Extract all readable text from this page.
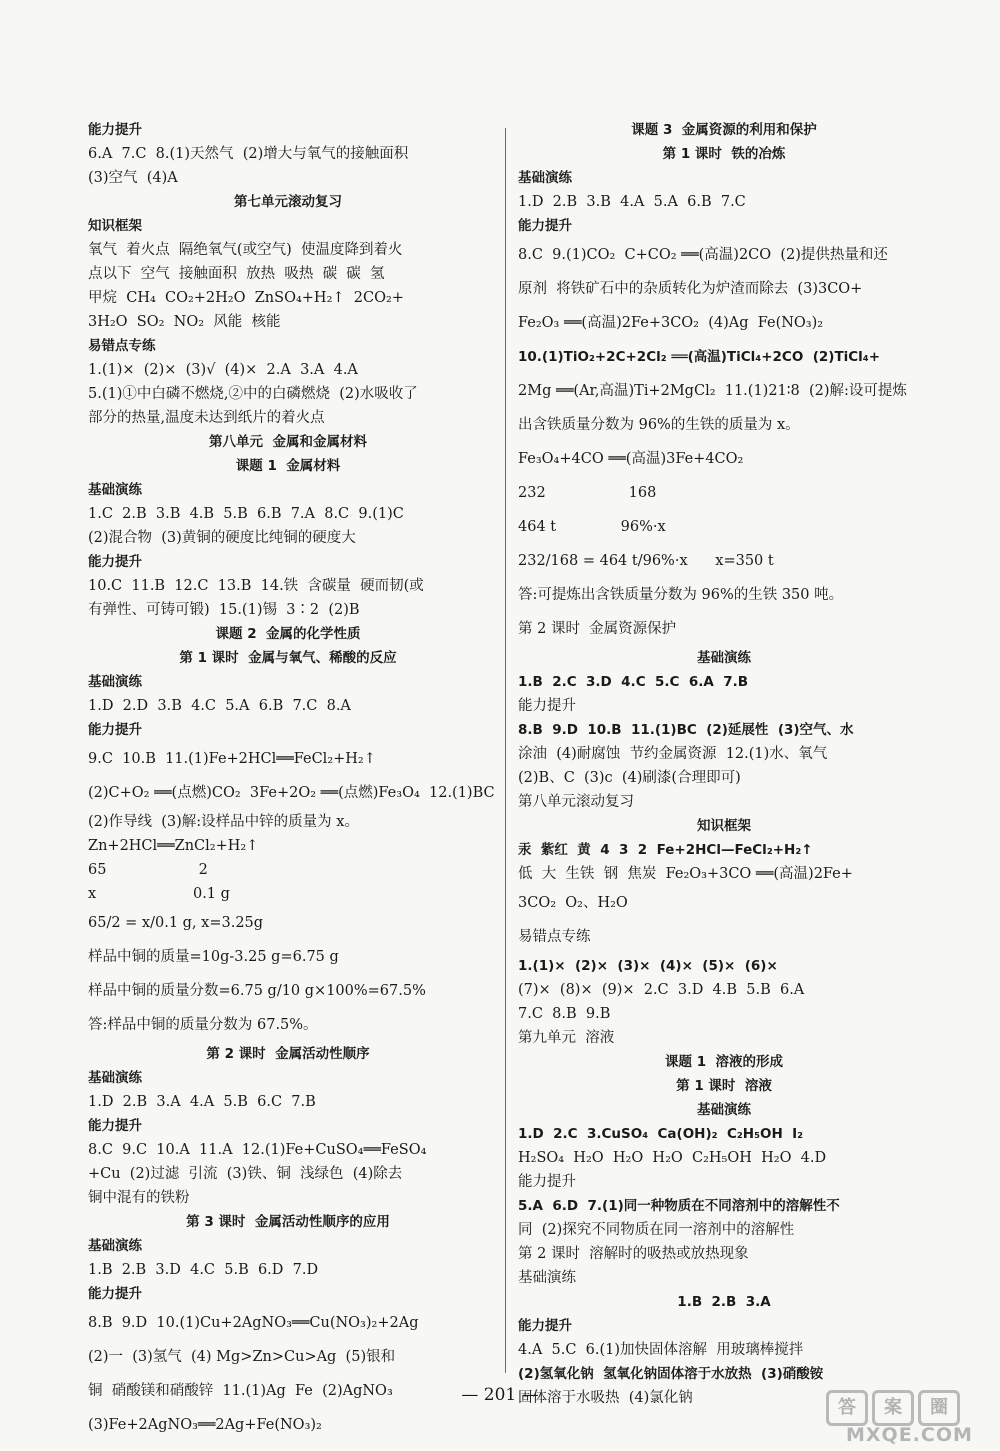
能力提升
6.A  7.C  8.(1)天然气  (2)增大与氧气的接触面积
(3)空气  (4)A
第七单元滚动复习
知识框架
氧气  着火点  隔绝氧气(或空气)  使温度降到着火
点以下  空气  接触面积  放热  吸热  碳  碳  氢
甲烷  CH₄  CO₂+2H₂O  ZnSO₄+H₂↑  2CO₂+
3H₂O  SO₂  NO₂  风能  核能
易错点专练
1.(1)×  (2)×  (3)√  (4)×  2.A  3.A  4.A
5.(1)①中白磷不燃烧,②中的白磷燃烧  (2)水吸收了
部分的热量,温度未达到纸片的着火点
第八单元  金属和金属材料
课题 1  金属材料
基础演练
1.C  2.B  3.B  4.B  5.B  6.B  7.A  8.C  9.(1)C
(2)混合物  (3)黄铜的硬度比纯铜的硬度大
能力提升
10.C  11.B  12.C  13.B  14.铁  含碳量  硬而韧(或
有弹性、可铸可锻)  15.(1)锡  3∶2  (2)B
课题 2  金属的化学性质
第 1 课时  金属与氧气、稀酸的反应
基础演练
1.D  2.D  3.B  4.C  5.A  6.B  7.C  8.A
能力提升
9.C  10.B  11.(1)Fe+2HCl══FeCl₂+H₂↑
(2)C+O₂ ══(点燃)CO₂  3Fe+2O₂ ══(点燃)Fe₃O₄  12.(1)BC
(2)作导线  (3)解:设样品中锌的质量为 x。
Zn+2HCl══ZnCl₂+H₂↑
65                    2
x                     0.1 g
65/2 = x/0.1 g, x=3.25g
样品中铜的质量=10g-3.25 g=6.75 g
样品中铜的质量分数=6.75 g/10 g×100%=67.5%
答:样品中铜的质量分数为 67.5%。
第 2 课时  金属活动性顺序
基础演练
1.D  2.B  3.A  4.A  5.B  6.C  7.B
能力提升
8.C  9.C  10.A  11.A  12.(1)Fe+CuSO₄══FeSO₄
+Cu  (2)过滤  引流  (3)铁、铜  浅绿色  (4)除去
铜中混有的铁粉
第 3 课时  金属活动性顺序的应用
基础演练
1.B  2.B  3.D  4.C  5.B  6.D  7.D
能力提升
8.B  9.D  10.(1)Cu+2AgNO₃══Cu(NO₃)₂+2Ag
(2)一  (3)氢气  (4) Mg>Zn>Cu>Ag  (5)银和
铜  硝酸镁和硝酸锌  11.(1)Ag  Fe  (2)AgNO₃
(3)Fe+2AgNO₃══2Ag+Fe(NO₃)₂
课题 3  金属资源的利用和保护
第 1 课时  铁的冶炼
基础演练
1.D  2.B  3.B  4.A  5.A  6.B  7.C
能力提升
8.C  9.(1)CO₂  C+CO₂ ══(高温)2CO  (2)提供热量和还
原剂  将铁矿石中的杂质转化为炉渣而除去  (3)3CO+
Fe₂O₃ ══(高温)2Fe+3CO₂  (4)Ag  Fe(NO₃)₂
10.(1)TiO₂+2C+2Cl₂ ══(高温)TiCl₄+2CO  (2)TiCl₄+
2Mg ══(Ar,高温)Ti+2MgCl₂  11.(1)21∶8  (2)解:设可提炼
出含铁质量分数为 96%的生铁的质量为 x。
Fe₃O₄+4CO ══(高温)3Fe+4CO₂
232                  168
464 t              96%·x
232/168 = 464 t/96%·x      x=350 t
答:可提炼出含铁质量分数为 96%的生铁 350 吨。
第 2 课时  金属资源保护
基础演练
1.B  2.C  3.D  4.C  5.C  6.A  7.B
能力提升
8.B  9.D  10.B  11.(1)BC  (2)延展性  (3)空气、水
涂油  (4)耐腐蚀  节约金属资源  12.(1)水、氧气
(2)B、C  (3)c  (4)刷漆(合理即可)
第八单元滚动复习
知识框架
汞  紫红  黄  4  3  2  Fe+2HCl—FeCl₂+H₂↑
低  大  生铁  钢  焦炭  Fe₂O₃+3CO ══(高温)2Fe+
3CO₂  O₂、H₂O
易错点专练
1.(1)×  (2)×  (3)×  (4)×  (5)×  (6)×
(7)×  (8)×  (9)×  2.C  3.D  4.B  5.B  6.A
7.C  8.B  9.B
第九单元  溶液
课题 1  溶液的形成
第 1 课时  溶液
基础演练
1.D  2.C  3.CuSO₄  Ca(OH)₂  C₂H₅OH  I₂
H₂SO₄  H₂O  H₂O  H₂O  C₂H₅OH  H₂O  4.D
能力提升
5.A  6.D  7.(1)同一种物质在不同溶剂中的溶解性不
同  (2)探究不同物质在同一溶剂中的溶解性
第 2 课时  溶解时的吸热或放热现象
基础演练
1.B  2.B  3.A
能力提升
4.A  5.C  6.(1)加快固体溶解  用玻璃棒搅拌
(2)氢氧化钠  氢氧化钠固体溶于水放热  (3)硝酸铵
固体溶于水吸热  (4)氯化钠
— 201 —
答	案	圈
MXQE.COM
